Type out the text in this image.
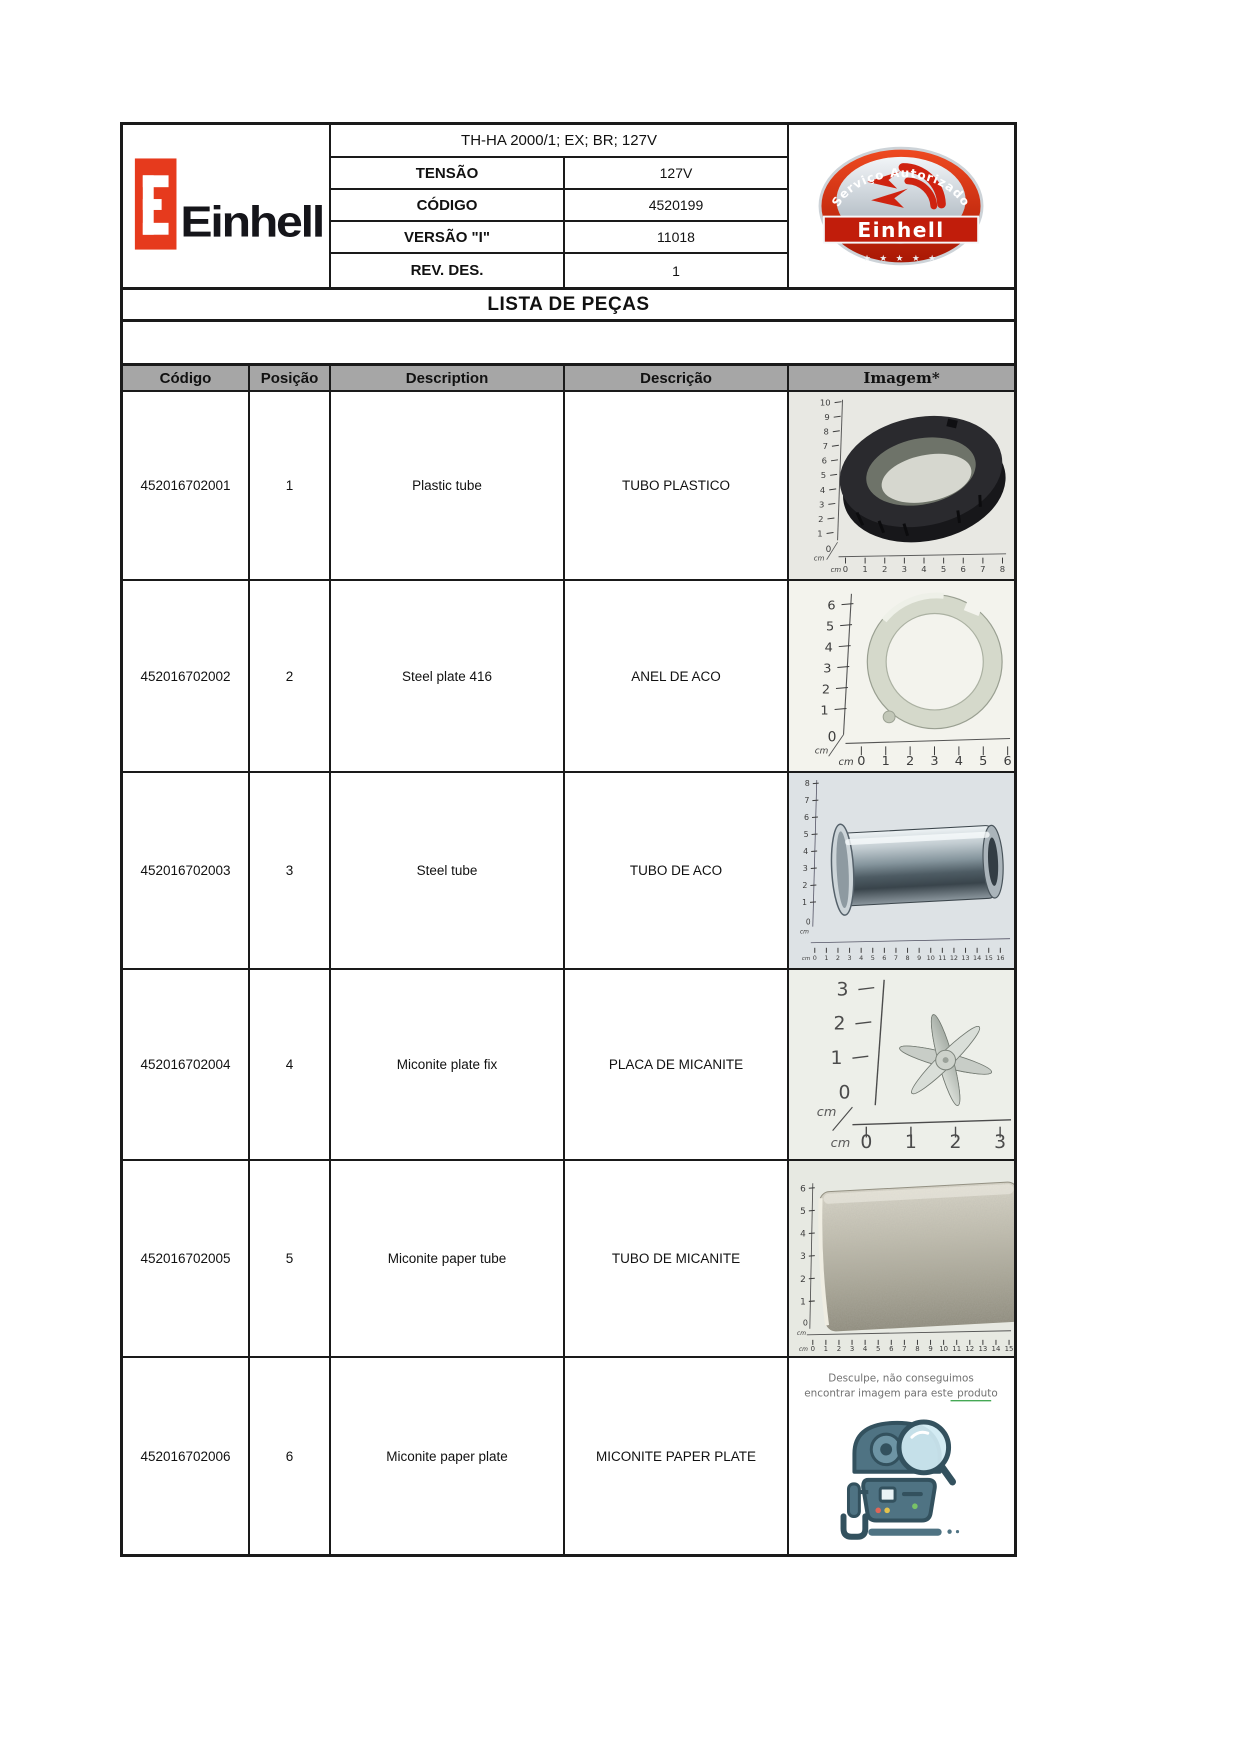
Einhell
TH-HA 2000/1; EX; BR; 127V
TENSÃO	127V
CÓDIGO	4520199
VERSÃO "I"	11018
REV. DES.	1
Serviço Autorizado
Einhell
★ ★ ★ ★ ★
LISTA DE PEÇAS
Código	Posição	Description	Descrição	Imagem*
452016702001	1	Plastic tube	TUBO PLASTICO
10
9
8
7
6
5
4
3
2
1
0
cm
cm 0 1 2 3 4 5 6 7 8
452016702002	2	Steel plate 416	ANEL DE ACO
6
5
4
3
2
1
0
cm
cm 0 1 2 3 4 5 6
452016702003	3	Steel tube	TUBO DE ACO
8
7
6
5
4
3
2
1
0
cm
cm 0 1 2 3 4 5 6 7 8 9 10 11 12 13 14 15 16
452016702004	4	Miconite plate fix	PLACA DE MICANITE
3
2
1
0
cm
cm 0 1 2 3
452016702005	5	Miconite paper tube	TUBO DE MICANITE
6
5
4
3
2
1
0
cm
cm 0 1 2 3 4 5 6 7 8 9 10 11 12 13 14 15
452016702006	6	Miconite paper plate	MICONITE PAPER PLATE
Desculpe, não conseguimos
encontrar imagem para este produto
